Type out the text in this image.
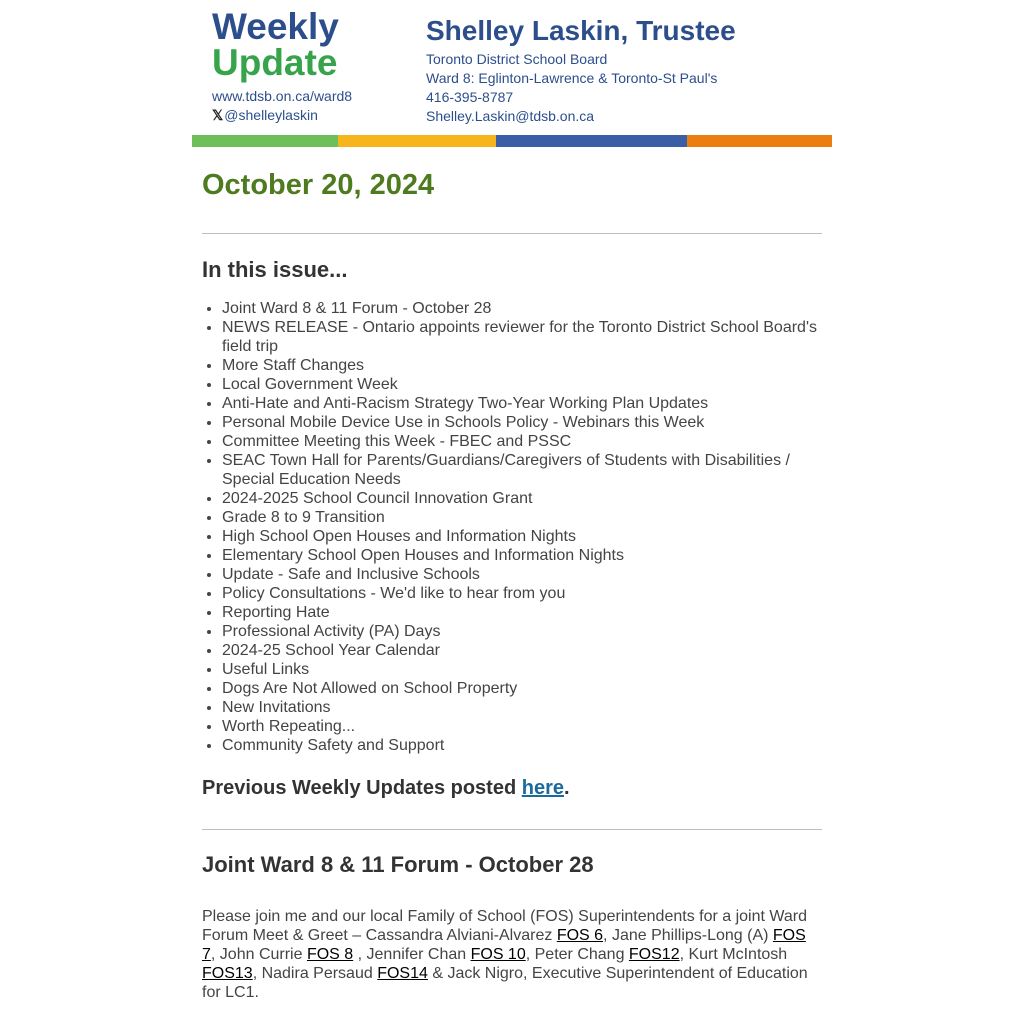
Weekly
Update
www.tdsb.on.ca/ward8
𝕏@shelleylaskin
Shelley Laskin, Trustee
Toronto District School Board
Ward 8: Eglinton-Lawrence & Toronto-St Paul's
416-395-8787
Shelley.Laskin@tdsb.on.ca
October 20, 2024
In this issue...
• Joint Ward 8 & 11 Forum - October 28
• NEWS RELEASE - Ontario appoints reviewer for the Toronto District School Board's field trip
• More Staff Changes
• Local Government Week
• Anti-Hate and Anti-Racism Strategy Two-Year Working Plan Updates
• Personal Mobile Device Use in Schools Policy - Webinars this Week
• Committee Meeting this Week - FBEC and PSSC
• SEAC Town Hall for Parents/Guardians/Caregivers of Students with Disabilities / Special Education Needs
• 2024-2025 School Council Innovation Grant
• Grade 8 to 9 Transition
• High School Open Houses and Information Nights
• Elementary School Open Houses and Information Nights
• Update - Safe and Inclusive Schools
• Policy Consultations - We'd like to hear from you
• Reporting Hate
• Professional Activity (PA) Days
• 2024-25 School Year Calendar
• Useful Links
• Dogs Are Not Allowed on School Property
• New Invitations
• Worth Repeating...
• Community Safety and Support
Previous Weekly Updates posted here.
Joint Ward 8 & 11 Forum - October 28
Please join me and our local Family of School (FOS) Superintendents for a joint Ward Forum Meet & Greet – Cassandra Alviani-Alvarez FOS 6, Jane Phillips-Long (A) FOS 7, John Currie FOS 8 , Jennifer Chan FOS 10, Peter Chang FOS12, Kurt McIntosh FOS13, Nadira Persaud FOS14 & Jack Nigro, Executive Superintendent of Education for LC1.
